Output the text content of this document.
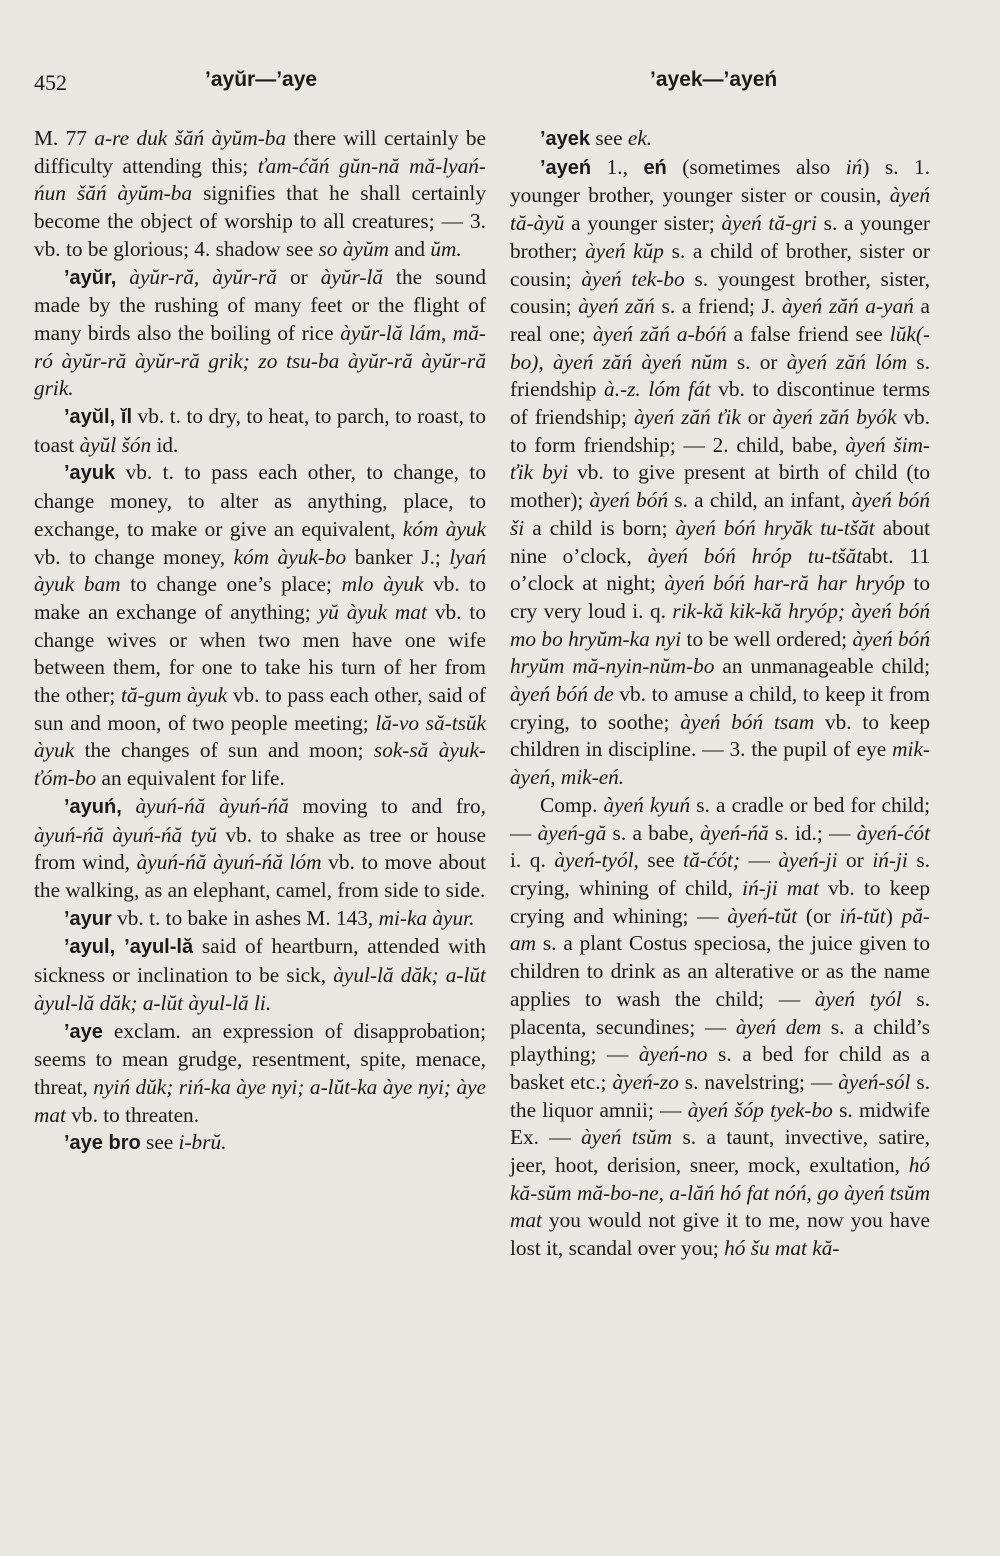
452	’ayŭr—’aye	’ayek—’ayeń

M. 77 a-re duk šăń àyŭm-ba there will certainly be difficulty attending this; ťam-ćăń gŭn-nă mă-lyań-ńun šăń àyŭm-ba signifies that he shall certainly become the object of worship to all creatures; — 3. vb. to be glorious; 4. shadow see so àyŭm and ŭm.

’ayŭr, àyŭr-ră, àyŭr-ră or àyŭr-lă the sound made by the rushing of many feet or the flight of many birds also the boiling of rice àyŭr-lă lám, mă-ró àyŭr-ră àyŭr-ră grik; zo tsu-ba àyŭr-ră àyŭr-ră grik.

’ayŭl, ĭl vb. t. to dry, to heat, to parch, to roast, to toast àyŭl šón id.

’ayuk vb. t. to pass each other, to change, to change money, to alter as anything, place, to exchange, to make or give an equivalent, kóm àyuk vb. to change money, kóm àyuk-bo banker J.; lyań àyuk bam to change one’s place; mlo àyuk vb. to make an exchange of anything; yŭ àyuk mat vb. to change wives or when two men have one wife between them, for one to take his turn of her from the other; tă-gum àyuk vb. to pass each other, said of sun and moon, of two people meeting; lă-vo să-tsŭk àyuk the changes of sun and moon; sok-să àyuk-ťóm-bo an equivalent for life.

’ayuń, àyuń-ńă àyuń-ńă moving to and fro, àyuń-ńă àyuń-ńă tyŭ vb. to shake as tree or house from wind, àyuń-ńă àyuń-ńă lóm vb. to move about the walking, as an elephant, camel, from side to side.

’ayur vb. t. to bake in ashes M. 143, mi-ka àyur.

’ayul, ’ayul-lă said of heartburn, attended with sickness or inclination to be sick, àyul-lă dăk; a-lŭt àyul-lă dăk; a-lŭt àyul-lă li.

’aye exclam. an expression of disapprobation; seems to mean grudge, resentment, spite, menace, threat, nyiń dŭk; riń-ka àye nyi; a-lŭt-ka àye nyi; àye mat vb. to threaten.

’aye bro see i-brŭ.

’ayek see ek.

’ayeń 1., eń (sometimes also iń) s. 1. younger brother, younger sister or cousin, àyeń tă-àyŭ a younger sister; àyeń tă-gri s. a younger brother; àyeń kŭp s. a child of brother, sister or cousin; àyeń tek-bo s. youngest brother, sister, cousin; àyeń zăń s. a friend; J. àyeń zăń a-yań a real one; àyeń zăń a-bóń a false friend see lŭk(-bo), àyeń zăń àyeń nŭm s. or àyeń zăń lóm s. friendship à.-z. lóm fát vb. to discontinue terms of friendship; àyeń zăń ťik or àyeń zăń byók vb. to form friendship; — 2. child, babe, àyeń šim-ťik byi vb. to give present at birth of child (to mother); àyeń bóń s. a child, an infant, àyeń bóń ši a child is born; àyeń bóń hryăk tu-tšăt about nine o’clock, àyeń bóń hróp tu-tšătabt. 11 o’clock at night; àyeń bóń har-ră har hryóp to cry very loud i. q. rik-kă kik-kă hryóp; àyeń bóń mo bo hryŭm-ka nyi to be well ordered; àyeń bóń hryŭm mă-nyin-nŭm-bo an unmanageable child; àyeń bóń de vb. to amuse a child, to keep it from crying, to soothe; àyeń bóń tsam vb. to keep children in discipline. — 3. the pupil of eye mik-àyeń, mik-eń.

Comp. àyeń kyuń s. a cradle or bed for child; — àyeń-gă s. a babe, àyeń-ńă s. id.; — àyeń-ćót i. q. àyeń-tyól, see tă-ćót; — àyeń-ji or iń-ji s. crying, whining of child, iń-ji mat vb. to keep crying and whining; — àyeń-tŭt (or iń-tŭt) pă-am s. a plant Costus speciosa, the juice given to children to drink as an alterative or as the name applies to wash the child; — àyeń tyól s. placenta, secundines; — àyeń dem s. a child’s plaything; — àyeń-no s. a bed for child as a basket etc.; àyeń-zo s. navelstring; — àyeń-sól s. the liquor amnii; — àyeń šóp tyek-bo s. midwife Ex. — àyeń tsŭm s. a taunt, invective, satire, jeer, hoot, derision, sneer, mock, exultation, hó kă-sŭm mă-bo-ne, a-lăń hó fat nóń, go àyeń tsŭm mat you would not give it to me, now you have lost it, scandal over you; hó šu mat kă-
